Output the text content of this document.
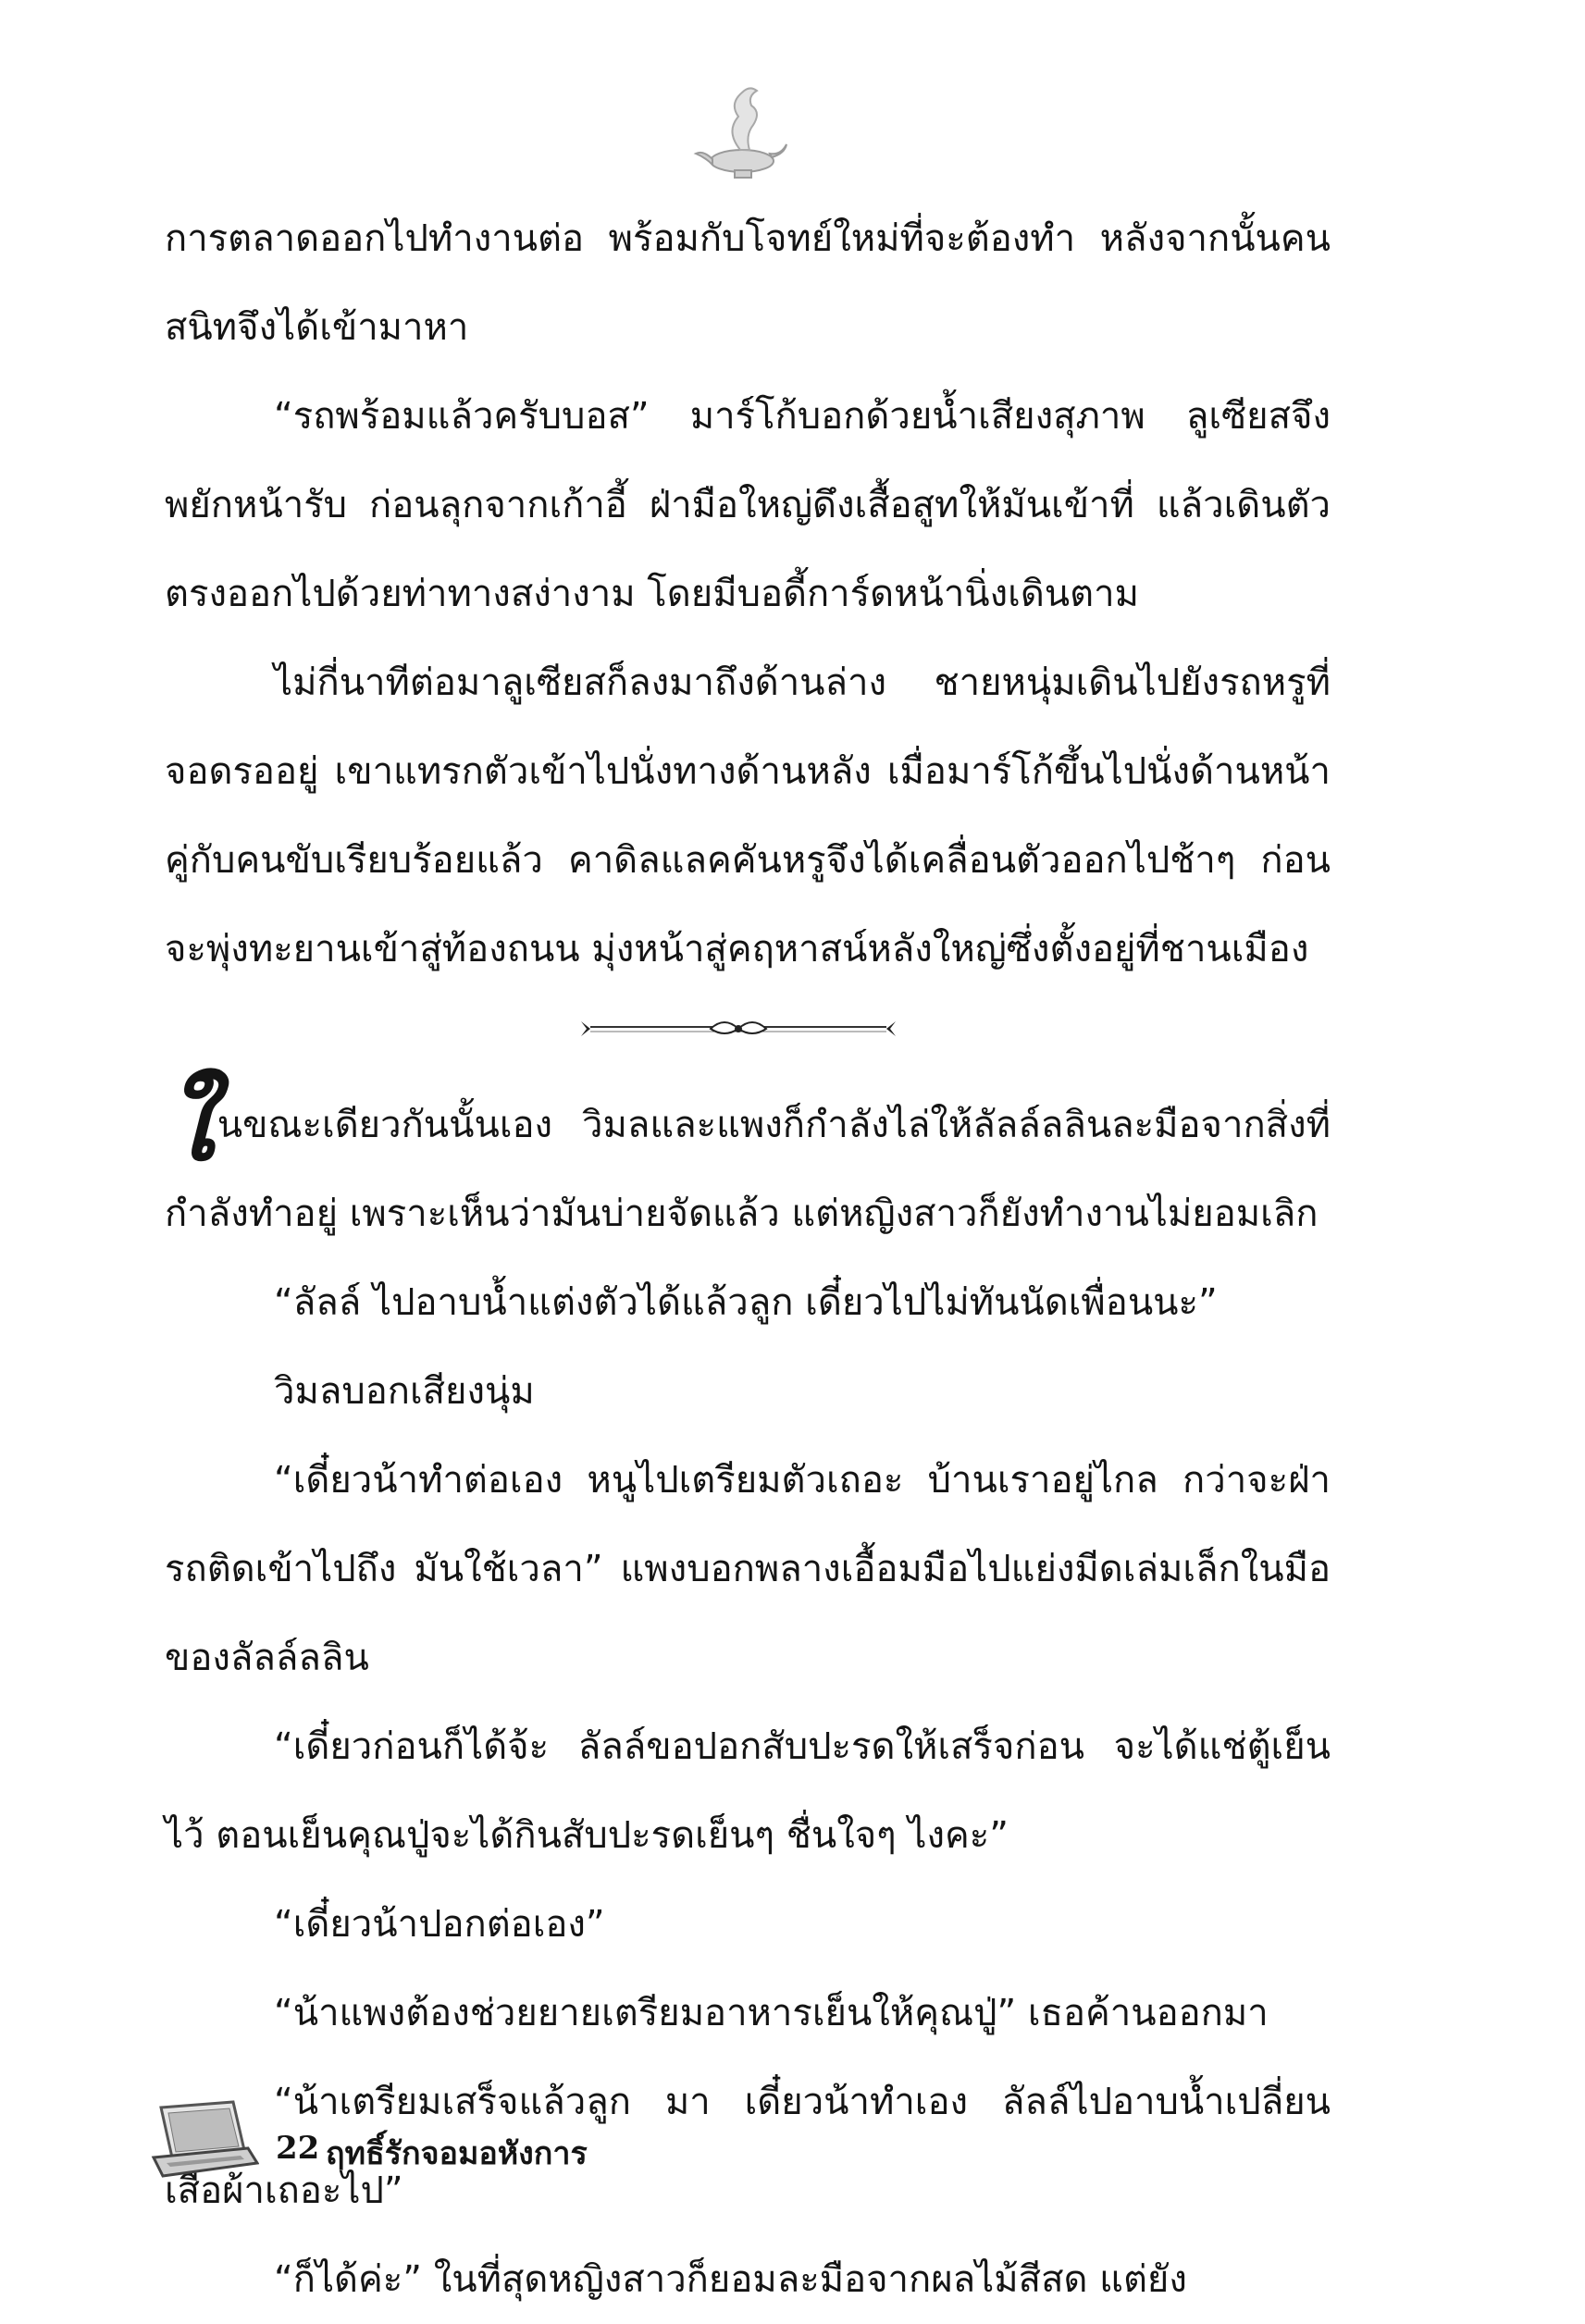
การตลาดออกไปทำงานต่อ พร้อมกับโจทย์ใหม่ที่จะต้องทำ หลังจากนั้นคนสนิทจึงได้เข้ามาหา

“รถพร้อมแล้วครับบอส” มาร์โก้บอกด้วยน้ำเสียงสุภาพ ลูเซียสจึงพยักหน้ารับ ก่อนลุกจากเก้าอี้ ฝ่ามือใหญ่ดึงเสื้อสูทให้มันเข้าที่ แล้วเดินตัวตรงออกไปด้วยท่าทางสง่างาม โดยมีบอดี้การ์ดหน้านิ่งเดินตาม

ไม่กี่นาทีต่อมาลูเซียสก็ลงมาถึงด้านล่าง ชายหนุ่มเดินไปยังรถหรูที่จอดรออยู่ เขาแทรกตัวเข้าไปนั่งทางด้านหลัง เมื่อมาร์โก้ขึ้นไปนั่งด้านหน้าคู่กับคนขับเรียบร้อยแล้ว คาดิลแลคคันหรูจึงได้เคลื่อนตัวออกไปช้าๆ ก่อนจะพุ่งทะยานเข้าสู่ท้องถนน มุ่งหน้าสู่คฤหาสน์หลังใหญ่ซึ่งตั้งอยู่ที่ชานเมือง

ในขณะเดียวกันนั้นเอง วิมลและแพงก็กำลังไล่ให้ลัลล์ลลินละมือจากสิ่งที่กำลังทำอยู่ เพราะเห็นว่ามันบ่ายจัดแล้ว แต่หญิงสาวก็ยังทำงานไม่ยอมเลิก

“ลัลล์ ไปอาบน้ำแต่งตัวได้แล้วลูก เดี๋ยวไปไม่ทันนัดเพื่อนนะ”

วิมลบอกเสียงนุ่ม

“เดี๋ยวน้าทำต่อเอง หนูไปเตรียมตัวเถอะ บ้านเราอยู่ไกล กว่าจะฝ่ารถติดเข้าไปถึง มันใช้เวลา” แพงบอกพลางเอื้อมมือไปแย่งมีดเล่มเล็กในมือของลัลล์ลลิน

“เดี๋ยวก่อนก็ได้จ้ะ ลัลล์ขอปอกสับปะรดให้เสร็จก่อน จะได้แช่ตู้เย็นไว้ ตอนเย็นคุณปู่จะได้กินสับปะรดเย็นๆ ชื่นใจๆ ไงคะ”

“เดี๋ยวน้าปอกต่อเอง”

“น้าแพงต้องช่วยยายเตรียมอาหารเย็นให้คุณปู่” เธอค้านออกมา

“น้าเตรียมเสร็จแล้วลูก มา เดี๋ยวน้าทำเอง ลัลล์ไปอาบน้ำเปลี่ยนเสื้อผ้าเถอะไป”

“ก็ได้ค่ะ” ในที่สุดหญิงสาวก็ยอมละมือจากผลไม้สีสด แต่ยัง

22 ฤทธิ์รักจอมอหังการ
